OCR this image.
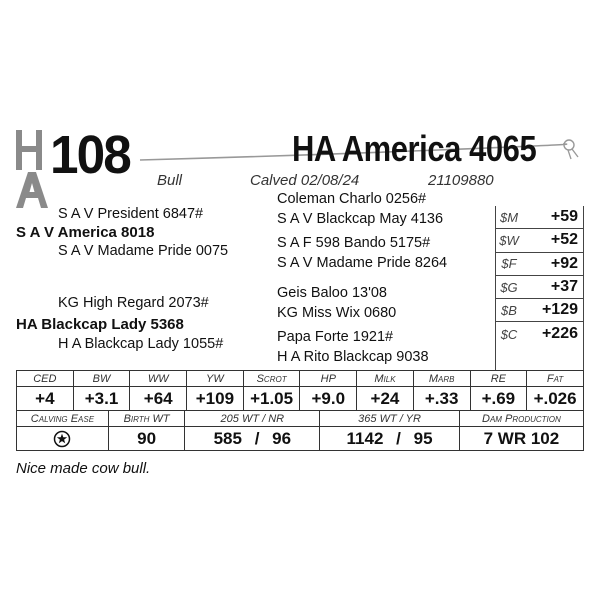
108	HA America 4065
Bull	Calved 02/08/24	21109880
S A V President 6847#
S A V America 8018
S A V Madame Pride 0075
KG High Regard 2073#
HA Blackcap Lady 5368
H A Blackcap Lady 1055#
Coleman Charlo 0256#
S A V Blackcap May 4136
S A F 598 Bando 5175#
S A V Madame Pride 8264
Geis Baloo 13'08
KG Miss Wix 0680
Papa Forte 1921#
H A Rito Blackcap 9038
$M	+59
$W	+52
$F	+92
$G	+37
$B	+129
$C	+226
CED	BW	WW	YW	Scrot	HP	Milk	Marb	RE	Fat
+4	+3.1	+64	+109	+1.05	+9.0	+24	+.33	+.69	+.026
Calving Ease	Birth WT	205 WT / NR	365 WT / YR	Dam Production
	90	585 / 96	1142 / 95	7 WR 102
Nice made cow bull.
